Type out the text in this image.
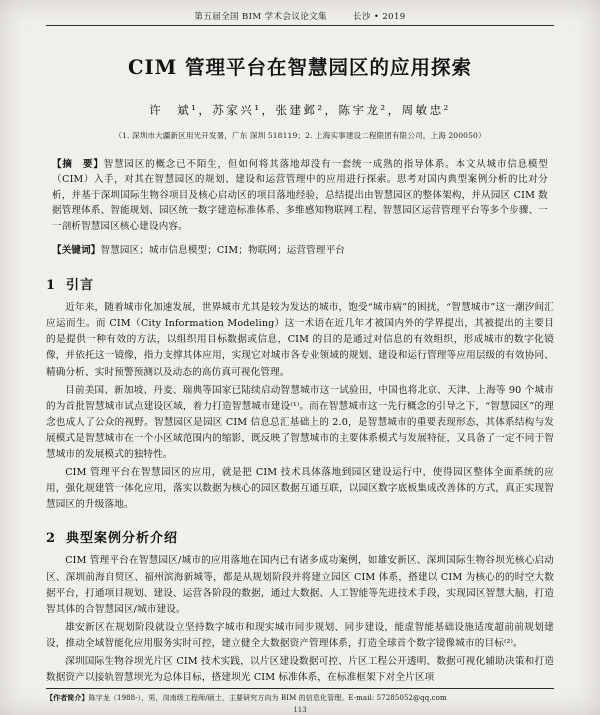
第五届全国 BIM 学术会议论文集	长沙 • 2019
CIM 管理平台在智慧园区的应用探索
许　斌¹，苏家兴¹，张建邺²，陈宇龙²，周敏忠²
（1. 深圳市大疆新区用光开发署，广东 深圳 518119；2. 上海实事建设二程限团有限公司，上海 200050）
【摘　要】智慧园区的概念已不陌生，但如何将其落地却没有一套统一成熟的指导体系。本文从城市信息模型（CIM）入手，对其在智慧园区的规划、建设和运营管理中的应用进行探索。思考对国内典型案例分析的比对分析，并基于深圳国际生物谷项目及核心启动区的项目落地经验，总结提出由智慧园区的整体架构，并从园区 CIM 数据管理体系、智能规划、园区统一数字建造标准体系、多维感知物联网工程、智慧园区运营管理平台等多个步骤、一一剖析智慧园区核心建设内容。
【关键词】智慧园区；城市信息模型；CIM；物联网；运营管理平台
1 引言

近年来，随着城市化加速发展，世界城市尤其是较为发达的城市，饱受“城市病”的困扰，“智慧城市”这一潮汐间汇应运而生。而 CIM（City Information Modeling）这一术语在近几年才被国内外的学界提出，其被提出的主要目的是提供一种有效的方法，以组织用目标数据或信息，CIM 的目的是通过对信息的有效组织，形成城市的数字化镜像，并依托这一镜像，指力支撑其体应用，实现它对城市各专业领域的规划、建设和运行管理等应用层级的有效协同、精确分析、实时预警预测以及动态的高仿真可视化管理。

目前美国、新加坡、丹麦、瑞典等国家已陆续启动智慧城市这一试验田，中国也将北京、天津、上海等 90 个城市的为首批智慧城市试点建设区域，着力打造智慧城市建设⁽¹⁾。而在智慧城市这一先行概念的引导之下，“智慧园区”的理念也成人了公众的视野。智慧园区是园区 CIM 信息总汇基础上的 2.0，是智慧城市的重要表现形态，其体系结构与发展模式是智慧城市在一个小区域范围内的缩影，既反映了智慧城市的主要体系模式与发展特征，又具备了一定不同于智慧城市的发展模式的独特性。

CIM 管理平台在智慧园区的应用，就是把 CIM 技术具体落地到园区建设运行中，使得园区整体全面系统的应用，强化规建管一体化应用，落实以数据为核心的园区数据互通互联，以园区数字底板集成改善体的方式，真正实现智慧园区的升级落地。

2 典型案例分析介绍

CIM 管理平台在智慧园区/城市的应用落地在国内已有诸多成功案例，如雄安新区、深圳国际生物谷坝光核心启动区、深圳前海自贸区、福州滨海新城等，都是从规划阶段并将建立园区 CIM 体系，搭建以 CIM 为核心的的时空大数据平台，打通项目规划、建设、运营各阶段的数据，通过大数据、人工智能等先进技术手段，实现园区智慧大脑，打造智其体的合智慧园区/城市建设。

雄安新区在规划阶段就设立坚持数字城市和现实城市同步规划、同步建设，能虚智能基础设施适度超前前规划建设，推动全域智能化应用服务实时可控，建立健全大数据资产管理体系，打造全球首个数字镜像城市的目标⁽²⁾。

深圳国际生物谷坝光片区 CIM 技术实践，以片区建设数据可控、片区工程公开透明、数据可视化辅助决策和打造数据资产以接轨智慧坝光为总体目标，搭建坝光 CIM 标准体系，在标准框架下对全片区项

【作者简介】陈宇龙（1988-），男，岗南级工程师/硕士，主要研究方向为 BIM 的信息化管理。E-mail: 57285052@qq.com
113
